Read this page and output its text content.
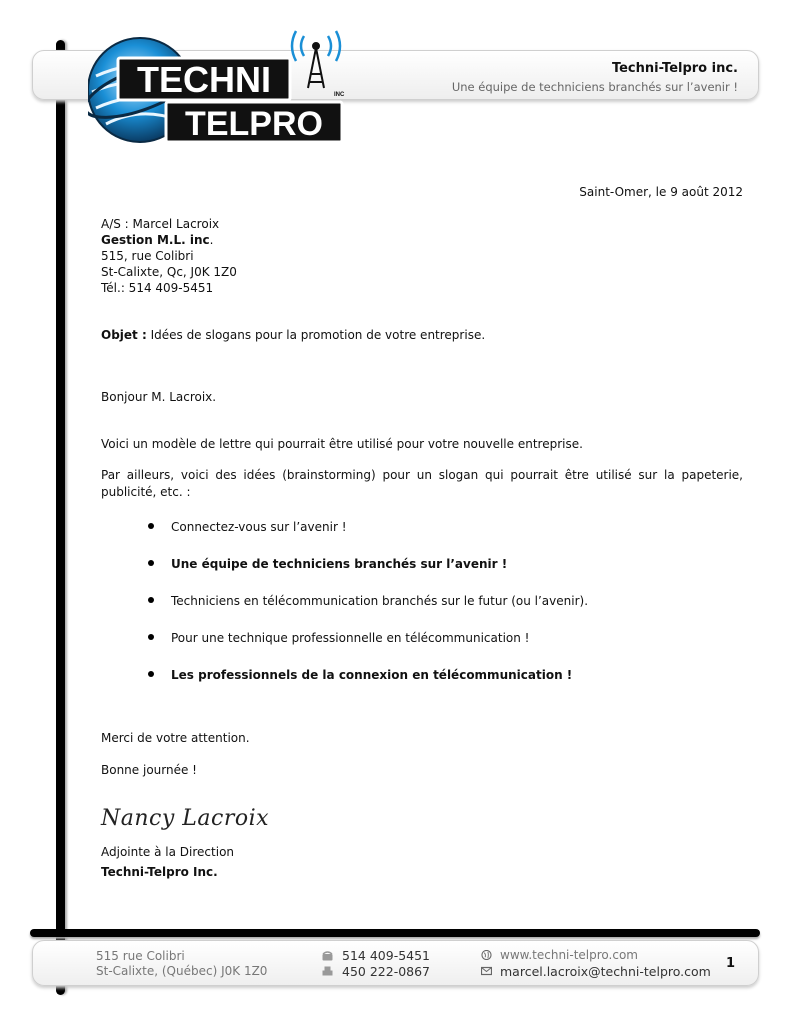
Techni-Telpro inc.
Une équipe de techniciens branchés sur l’avenir !
TECHNI
TELPRO
INC
Saint-Omer, le 9 août 2012
A/S : Marcel Lacroix
Gestion M.L. inc.
515, rue Colibri
St-Calixte, Qc, J0K 1Z0
Tél.: 514 409-5451
Objet : Idées de slogans pour la promotion de votre entreprise.
Bonjour M. Lacroix.
Voici un modèle de lettre qui pourrait être utilisé pour votre nouvelle entreprise.
Par ailleurs, voici des idées (brainstorming) pour un slogan qui pourrait être utilisé sur la papeterie, publicité, etc. :
Connectez-vous sur l’avenir !
Une équipe de techniciens branchés sur l’avenir !
Techniciens en télécommunication branchés sur le futur (ou l’avenir).
Pour une technique professionnelle en télécommunication !
Les professionnels de la connexion en télécommunication !
Merci de votre attention.
Bonne journée !
Nancy Lacroix
Adjointe à la Direction
Techni-Telpro Inc.
515 rue Colibri
St-Calixte, (Québec) J0K 1Z0
514 409-5451
450 222-0867
www.techni-telpro.com
marcel.lacroix@techni-telpro.com
1
